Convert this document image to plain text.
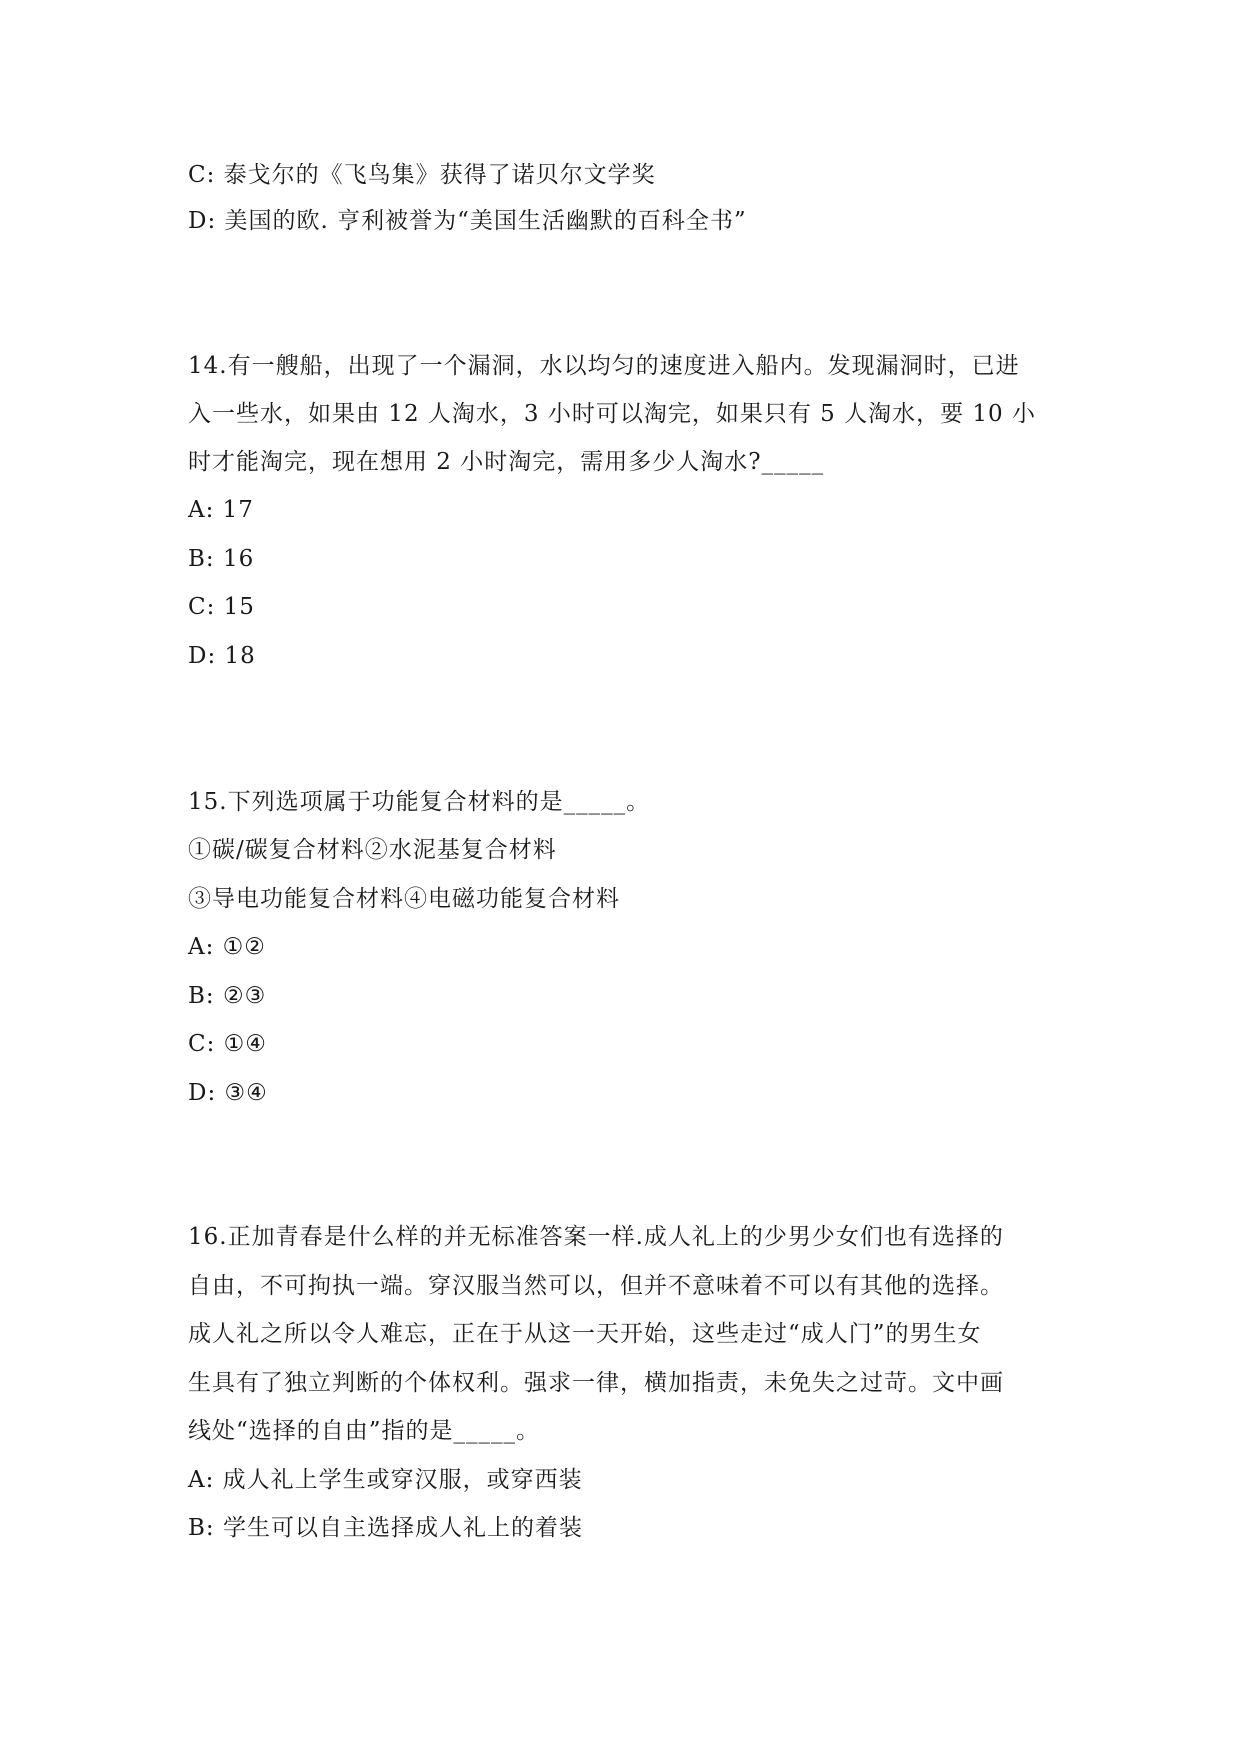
C: 泰戈尔的《飞鸟集》获得了诺贝尔文学奖
D: 美国的欧. 亨利被誉为“美国生活幽默的百科全书”
14.有一艘船，出现了一个漏洞，水以均匀的速度进入船内。发现漏洞时，已进
入一些水，如果由 12 人淘水，3 小时可以淘完，如果只有 5 人淘水，要 10 小
时才能淘完，现在想用 2 小时淘完，需用多少人淘水?_____
A: 17
B: 16
C: 15
D: 18
15.下列选项属于功能复合材料的是_____。
①碳/碳复合材料②水泥基复合材料
③导电功能复合材料④电磁功能复合材料
A: ①②
B: ②③
C: ①④
D: ③④
16.正加青春是什么样的并无标准答案一样.成人礼上的少男少女们也有选择的
自由，不可拘执一端。穿汉服当然可以，但并不意味着不可以有其他的选择。
成人礼之所以令人难忘，正在于从这一天开始，这些走过“成人门”的男生女
生具有了独立判断的个体权利。强求一律，横加指责，未免失之过苛。文中画
线处“选择的自由”指的是_____。
A: 成人礼上学生或穿汉服，或穿西装
B: 学生可以自主选择成人礼上的着装
